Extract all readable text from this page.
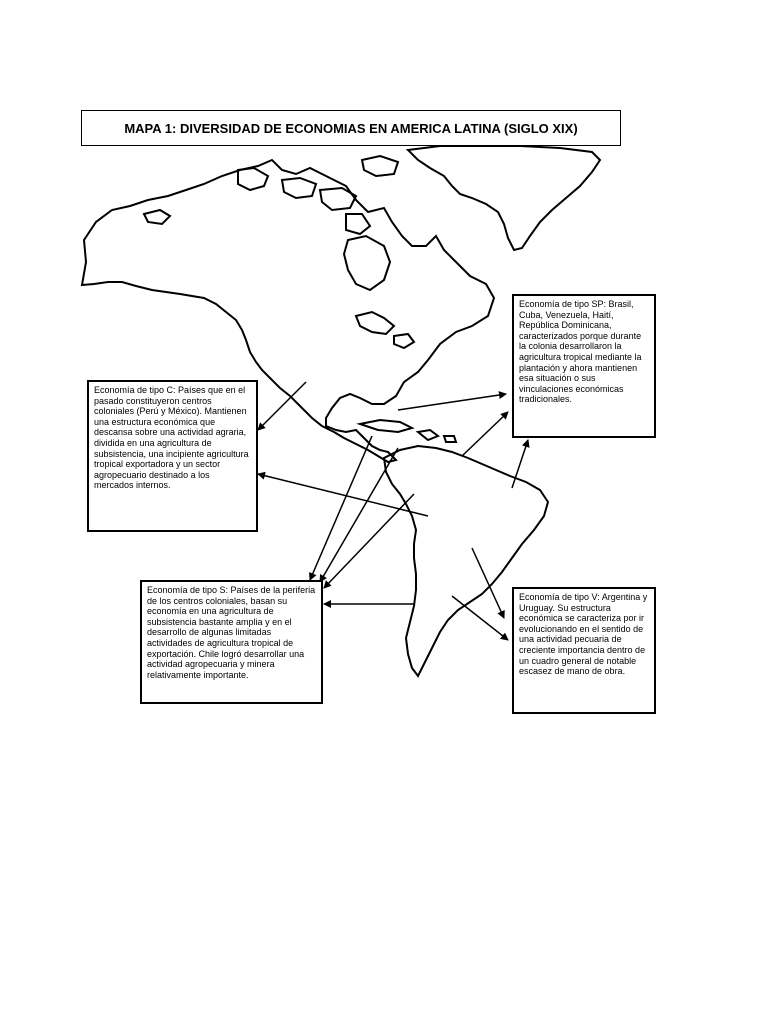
MAPA 1: DIVERSIDAD DE ECONOMIAS EN AMERICA LATINA (SIGLO XIX)
Economía de tipo C: Países que en el pasado constituyeron centros coloniales (Perú y México). Mantienen una estructura económica que descansa sobre una actividad agraria, dividida en una agricultura de subsistencia, una incipiente agricultura tropical exportadora y un sector agropecuario destinado a los mercados internos.
Economía de tipo SP: Brasil, Cuba, Venezuela, Haití, República Dominicana, caracterizados porque durante la colonia desarrollaron la agricultura tropical mediante la plantación y ahora mantienen esa situación o sus vinculaciones económicas tradicionales.
Economía de tipo S: Países de la periferia de los centros coloniales, basan su economía en una agricultura de subsistencia bastante amplia y en el desarrollo de algunas limitadas actividades de agricultura tropical de exportación. Chile logró desarrollar una actividad agropecuaria y minera relativamente importante.
Economía de tipo V: Argentina y Uruguay. Su estructura económica se caracteriza por ir evolucionando en el sentido de una actividad pecuaria de creciente importancia dentro de un cuadro general de notable escasez de mano de obra.
